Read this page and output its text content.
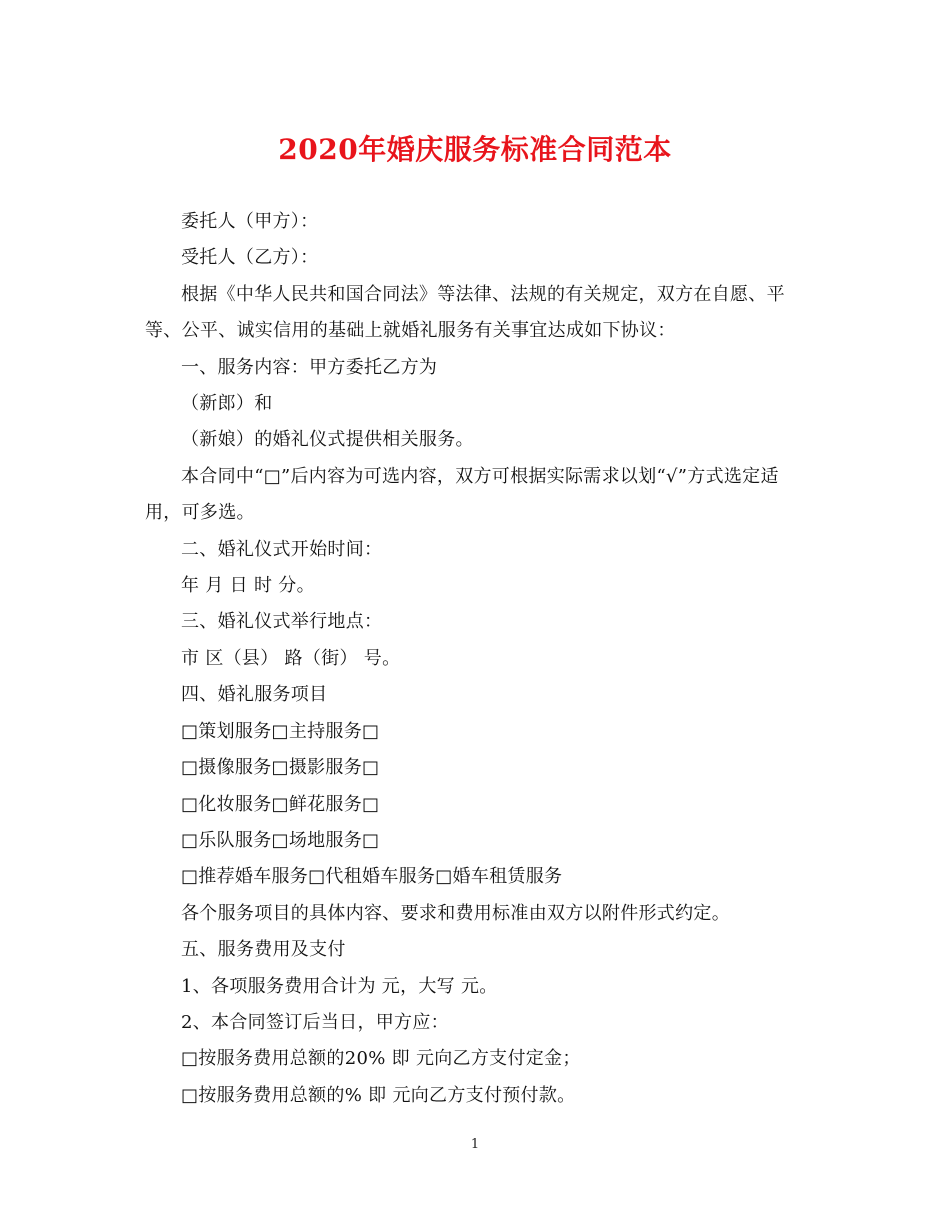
2020年婚庆服务标准合同范本

委托人（甲方）：

受托人（乙方）：

根据《中华人民共和国合同法》等法律、法规的有关规定，双方在自愿、平等、公平、诚实信用的基础上就婚礼服务有关事宜达成如下协议：

一、服务内容：甲方委托乙方为

（新郎）和

（新娘）的婚礼仪式提供相关服务。

本合同中“□”后内容为可选内容，双方可根据实际需求以划“√”方式选定适用，可多选。

二、婚礼仪式开始时间：

年 月 日 时 分。

三、婚礼仪式举行地点：

市 区（县） 路（街） 号。

四、婚礼服务项目

□策划服务□主持服务□

□摄像服务□摄影服务□

□化妆服务□鲜花服务□

□乐队服务□场地服务□

□推荐婚车服务□代租婚车服务□婚车租赁服务

各个服务项目的具体内容、要求和费用标准由双方以附件形式约定。

五、服务费用及支付

1、各项服务费用合计为 元，大写 元。

2、本合同签订后当日，甲方应：

□按服务费用总额的20% 即 元向乙方支付定金；

□按服务费用总额的% 即 元向乙方支付预付款。

1
